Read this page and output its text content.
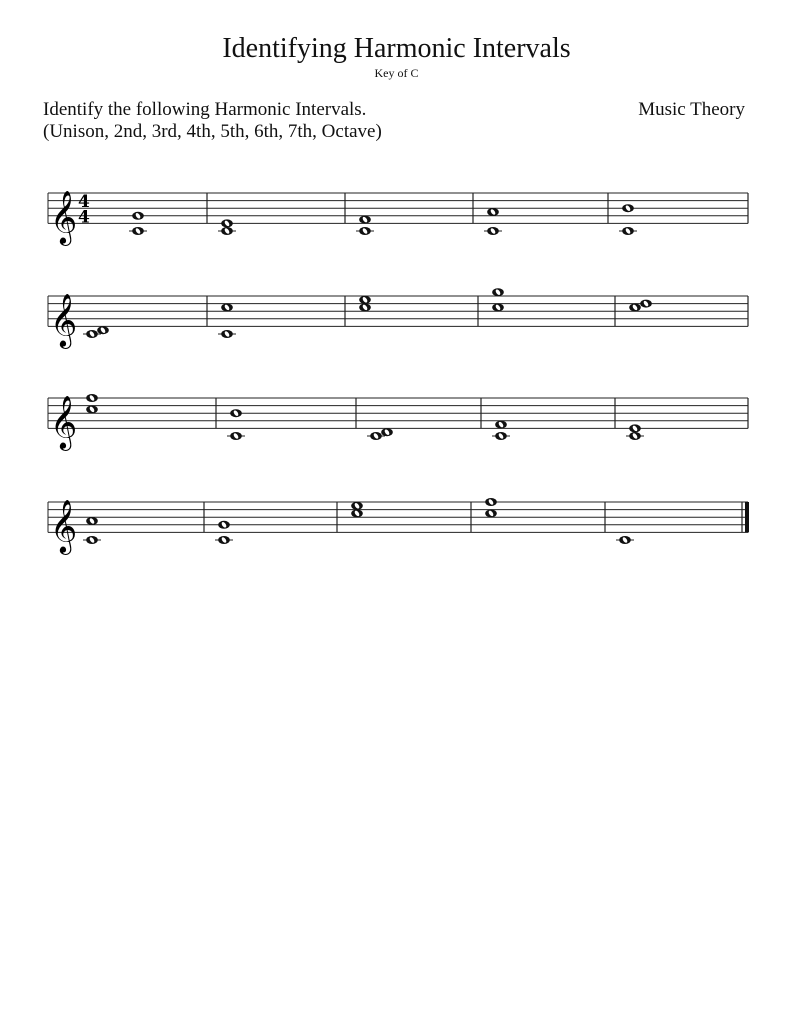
Identifying Harmonic Intervals
Key of C
Identify the following Harmonic Intervals.
(Unison, 2nd, 3rd, 4th, 5th, 6th, 7th, Octave)
Music Theory
𝄞 4
4
𝄞
𝄞
𝄞
